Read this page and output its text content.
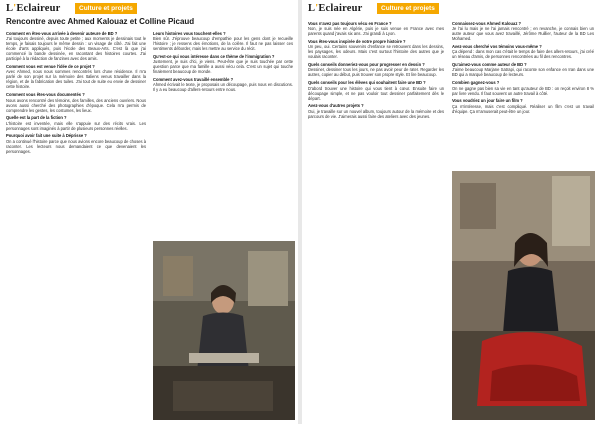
L'Eclaireur	Culture et projets
Rencontre avec Ahmed Kalouaz et Colline Picaud
Comment en êtes-vous arrivée à devenir auteure de BD ?
J'ai toujours dessiné, depuis toute petite ; aux moments je dessinais tout le temps, je faisais toujours le même dessin : un visage de côté. J'ai fait une école d'arts appliqués, puis l'école des Beaux-Arts. C'est là que j'ai commencé la bande dessinée, en racontant des histoires courtes. J'ai participé à la rédaction de fanzines avec des amis.
Comment vous est venue l'idée de ce projet ?
Avec Ahmed, nous nous sommes rencontrés lors d'une résidence. Il m'a parlé de son projet sur la mémoire des Italiens venus travailler dans la région, et de la fabrication des tuiles. J'ai tout de suite eu envie de dessiner cette histoire.
Comment vous êtes-vous documentés ?
Nous avons rencontré des témoins, des familles, des anciens ouvriers. Nous avons aussi cherché des photographies d'époque. Cela m'a permis de comprendre les gestes, les costumes, les lieux.
Quelle est la part de la fiction ?
L'histoire est inventée, mais elle s'appuie sur des récits vrais. Les personnages sont imaginés à partir de plusieurs personnes réelles.
Pourquoi avoir fait une suite à Déprisse ?
On a continué l'histoire parce que nous avions encore beaucoup de choses à raconter. Les lecteurs nous demandaient ce que devenaient les personnages.
Leurs histoires vous touchent-elles ?
Bien sûr. J'éprouve beaucoup d'empathie pour les gens dont je recueille l'histoire ; je ressens des émotions, de la colère. Il faut ne pas laisser ces sentiments déborder, mais les mettre au service du récit.
Qu'est-ce qui vous intéresse dans ce thème de l'immigration ?
Justement, je suis d'ici, je viens. Peut-être que je suis touchée par cette question parce que ma famille a aussi vécu cela. C'est un sujet qui touche finalement beaucoup de monde.
Comment avez-vous travaillé ensemble ?
Ahmed écrivait le texte, je proposais un découpage, puis nous en discutions. Il y a eu beaucoup d'allers-retours entre nous.
L'Eclaireur	Culture et projets
Vous n'avez pas toujours vécu en France ?
Non, je suis née en Algérie, puis je suis venue en France avec mes parents quand j'avais six ans. J'ai grandi à Lyon.
Vous êtes-vous inspirée de votre propre histoire ?
Un peu, oui. Certains souvenirs d'enfance se retrouvent dans les dessins, les paysages, les odeurs. Mais c'est surtout l'histoire des autres que je voulais raconter.
Quels conseils donneriez-vous pour progresser en dessin ?
Dessiner, dessiner tous les jours, ne pas avoir peur de rater. Regarder les autres, copier au début, puis trouver son propre style. Et lire beaucoup.
Quels conseils pour les élèves qui souhaitent faire une BD ?
D'abord trouver une histoire qui vous tient à cœur. Ensuite faire un découpage simple, et ne pas vouloir tout dessiner parfaitement dès le départ.
Avez-vous d'autres projets ?
Oui, je travaille sur un nouvel album, toujours autour de la mémoire et des parcours de vie. J'aimerais aussi faire des ateliers avec des jeunes.
Connaissez-vous Ahmed Kalouaz ?
Je l'ai lu mais je ne l'ai jamais rencontré ; en revanche, je connais bien un autre auteur que vous avez travaillé, Jérôme Ruillier, l'auteur de la BD Les Mohamed.
Avez-vous cherché vos témoins vous-même ?
Ça dépend : dans mon cas c'était le temps de faire des allers-retours, j'ai créé un réseau d'amis, de personnes rencontrées au fil des rencontres.
Qu'aimez-vous comme auteur de BD ?
J'aime beaucoup Marjane Satrapi, qui raconte son enfance en Iran dans une BD qui a marqué beaucoup de lecteurs.
Combien gagnez-vous ?
On ne gagne pas bien sa vie en tant qu'auteur de BD : on reçoit environ 8 % par livre vendu. Il faut souvent un autre travail à côté.
Vous voudriez un jour faire un film ?
Ça m'intéresse, mais c'est compliqué. Réaliser un film c'est un travail d'équipe. Ça m'amuserait peut-être un jour.
